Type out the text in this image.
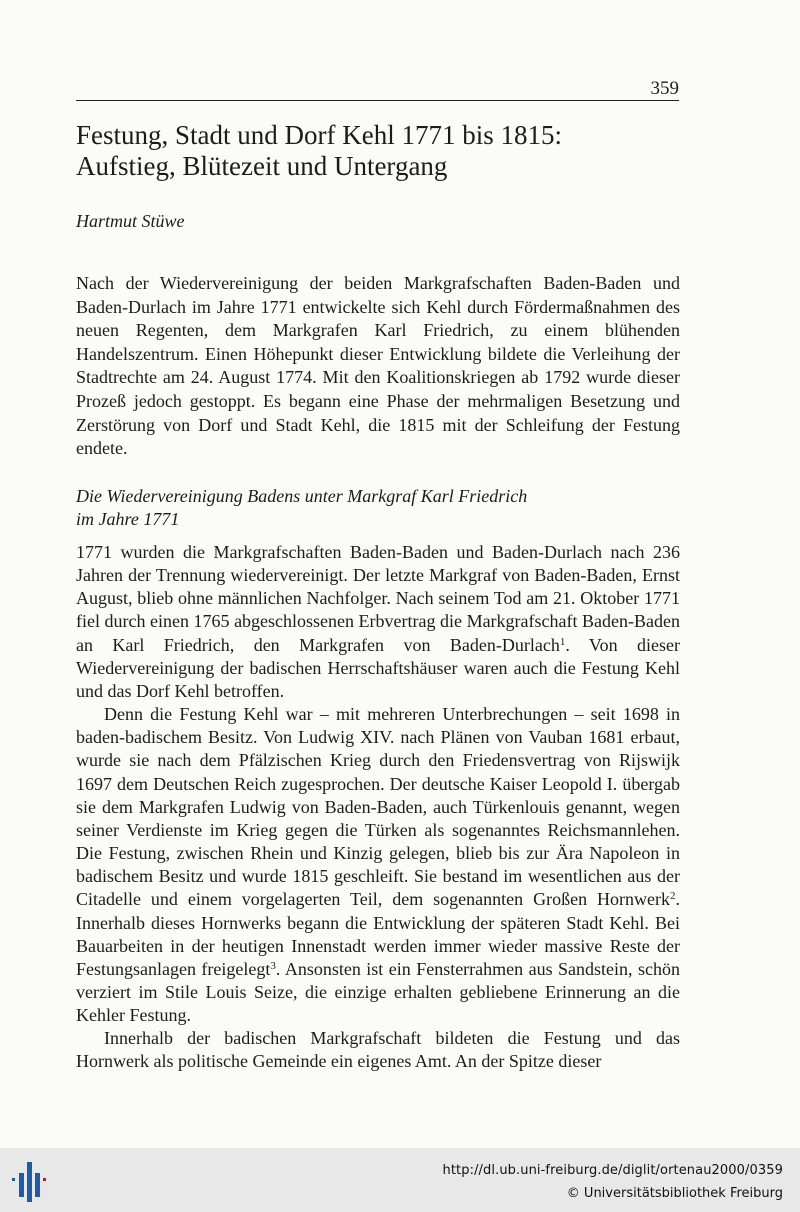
359
Festung, Stadt und Dorf Kehl 1771 bis 1815:
Aufstieg, Blütezeit und Untergang
Hartmut Stüwe

Nach der Wiedervereinigung der beiden Markgrafschaften Baden-Baden und Baden-Durlach im Jahre 1771 entwickelte sich Kehl durch Fördermaßnahmen des neuen Regenten, dem Markgrafen Karl Friedrich, zu einem blühenden Handelszentrum. Einen Höhepunkt dieser Entwicklung bildete die Verleihung der Stadtrechte am 24. August 1774. Mit den Koalitionskriegen ab 1792 wurde dieser Prozeß jedoch gestoppt. Es begann eine Phase der mehrmaligen Besetzung und Zerstörung von Dorf und Stadt Kehl, die 1815 mit der Schleifung der Festung endete.

Die Wiedervereinigung Badens unter Markgraf Karl Friedrich
im Jahre 1771

1771 wurden die Markgrafschaften Baden-Baden und Baden-Durlach nach 236 Jahren der Trennung wiedervereinigt. Der letzte Markgraf von Baden-Baden, Ernst August, blieb ohne männlichen Nachfolger. Nach seinem Tod am 21. Oktober 1771 fiel durch einen 1765 abgeschlossenen Erbvertrag die Markgrafschaft Baden-Baden an Karl Friedrich, den Markgrafen von Baden-Durlach$^1$. Von dieser Wiedervereinigung der badischen Herrschaftshäuser waren auch die Festung Kehl und das Dorf Kehl betroffen.

Denn die Festung Kehl war – mit mehreren Unterbrechungen – seit 1698 in baden-badischem Besitz. Von Ludwig XIV. nach Plänen von Vauban 1681 erbaut, wurde sie nach dem Pfälzischen Krieg durch den Friedensvertrag von Rijswijk 1697 dem Deutschen Reich zugesprochen. Der deutsche Kaiser Leopold I. übergab sie dem Markgrafen Ludwig von Baden-Baden, auch Türkenlouis genannt, wegen seiner Verdienste im Krieg gegen die Türken als sogenanntes Reichsmannlehen. Die Festung, zwischen Rhein und Kinzig gelegen, blieb bis zur Ära Napoleon in badischem Besitz und wurde 1815 geschleift. Sie bestand im wesentlichen aus der Citadelle und einem vorgelagerten Teil, dem sogenannten Großen Hornwerk$^2$. Innerhalb dieses Hornwerks begann die Entwicklung der späteren Stadt Kehl. Bei Bauarbeiten in der heutigen Innenstadt werden immer wieder massive Reste der Festungsanlagen freigelegt$^3$. Ansonsten ist ein Fensterrahmen aus Sandstein, schön verziert im Stile Louis Seize, die einzige erhalten gebliebene Erinnerung an die Kehler Festung.

Innerhalb der badischen Markgrafschaft bildeten die Festung und das Hornwerk als politische Gemeinde ein eigenes Amt. An der Spitze dieser

http://dl.ub.uni-freiburg.de/diglit/ortenau2000/0359
© Universitätsbibliothek Freiburg
